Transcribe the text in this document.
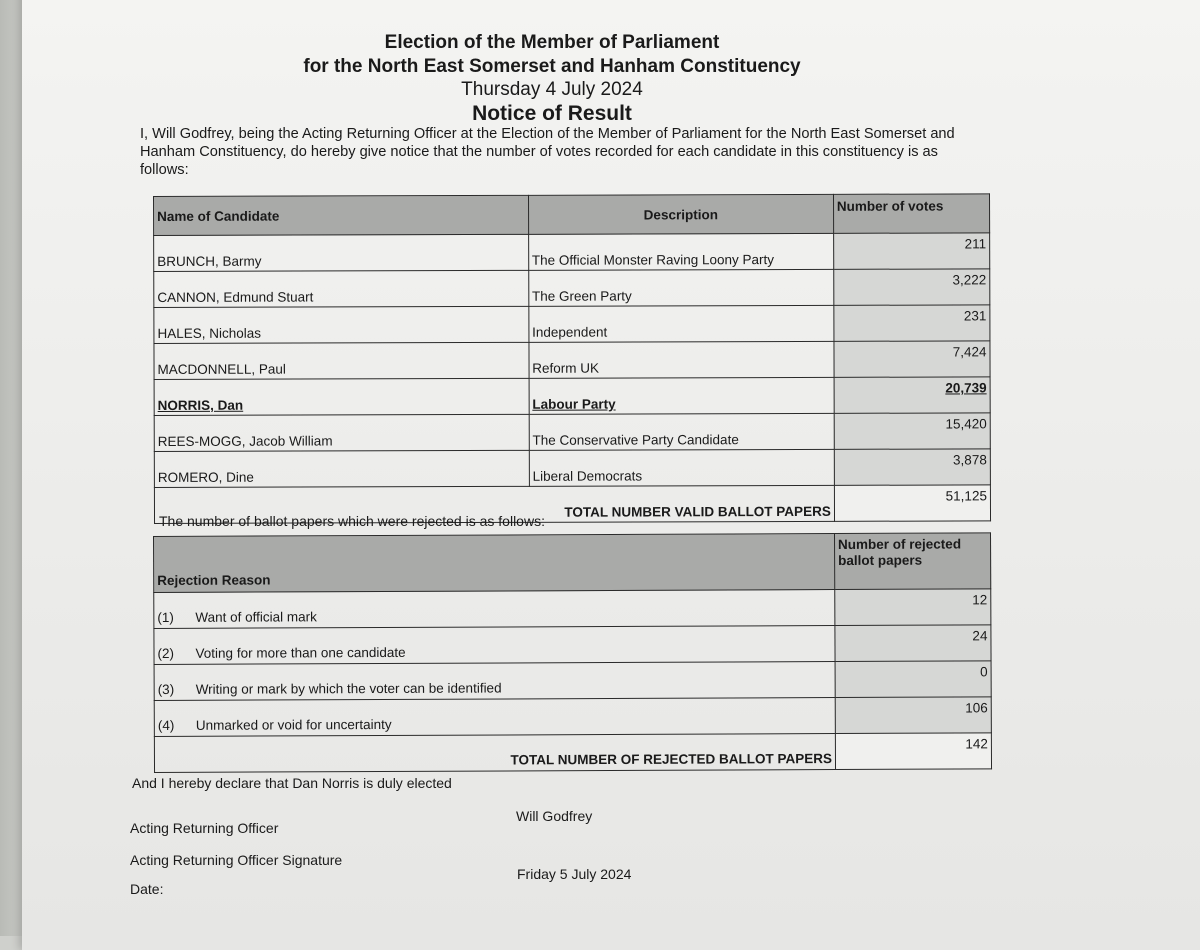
Election of the Member of Parliament
for the North East Somerset and Hanham Constituency
Thursday 4 July 2024
Notice of Result
I, Will Godfrey, being the Acting Returning Officer at the Election of the Member of Parliament for the North East Somerset and Hanham Constituency, do hereby give notice that the number of votes recorded for each candidate in this constituency is as follows:
Name of Candidate	Description	Number of votes
BRUNCH, Barmy	The Official Monster Raving Loony Party	211
CANNON, Edmund Stuart	The Green Party	3,222
HALES, Nicholas	Independent	231
MACDONNELL, Paul	Reform UK	7,424
NORRIS, Dan	Labour Party	20,739
REES-MOGG, Jacob William	The Conservative Party Candidate	15,420
ROMERO, Dine	Liberal Democrats	3,878
TOTAL NUMBER VALID BALLOT PAPERS		51,125
The number of ballot papers which were rejected is as follows:
Rejection Reason	Number of rejected ballot papers
(1) Want of official mark	12
(2) Voting for more than one candidate	24
(3) Writing or mark by which the voter can be identified	0
(4) Unmarked or void for uncertainty	106
TOTAL NUMBER OF REJECTED BALLOT PAPERS	142
And I hereby declare that Dan Norris is duly elected
Acting Returning Officer
Will Godfrey
Acting Returning Officer Signature
Date:
Friday 5 July 2024
